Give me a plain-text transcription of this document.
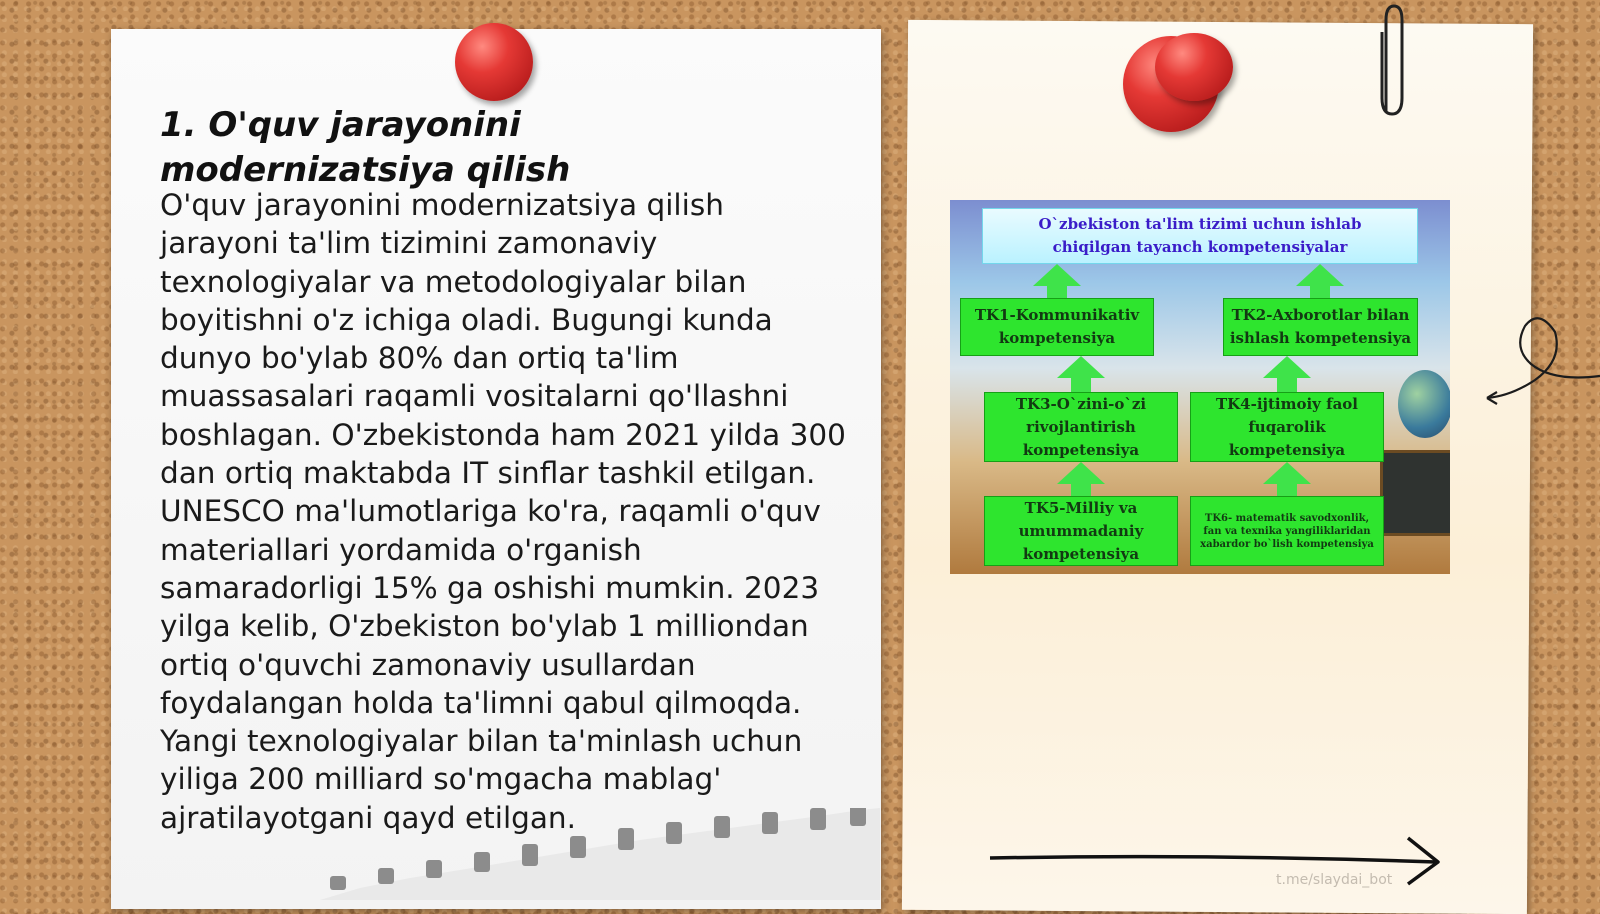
1. O'quv jarayonini modernizatsiya qilish

O'quv jarayonini modernizatsiya qilish jarayoni ta'lim tizimini zamonaviy texnologiyalar va metodologiyalar bilan boyitishni o'z ichiga oladi. Bugungi kunda dunyo bo'ylab 80% dan ortiq ta'lim muassasalari raqamli vositalarni qo'llashni boshlagan. O'zbekistonda ham 2021 yilda 300 dan ortiq maktabda IT sinflar tashkil etilgan. UNESCO ma'lumotlariga ko'ra, raqamli o'quv materiallari yordamida o'rganish samaradorligi 15% ga oshishi mumkin. 2023 yilga kelib, O'zbekiston bo'ylab 1 milliondan ortiq o'quvchi zamonaviy usullardan foydalangan holda ta'limni qabul qilmoqda. Yangi texnologiyalar bilan ta'minlash uchun yiliga 200 milliard so'mgacha mablag' ajratilayotgani qayd etilgan.

O`zbekiston ta'lim tizimi uchun ishlab
chiqilgan tayanch kompetensiyalar
TK1-Kommunikativ kompetensiya
TK2-Axborotlar bilan ishlash kompetensiya
TK3-O`zini-o`zi rivojlantirish kompetensiya
TK4-ijtimoiy faol fuqarolik kompetensiya
TK5-Milliy va umummadaniy kompetensiya
TK6- matematik savodxonlik, fan va texnika yangiliklaridan xabardor bo`lish kompetensiya
t.me/slaydai_bot
